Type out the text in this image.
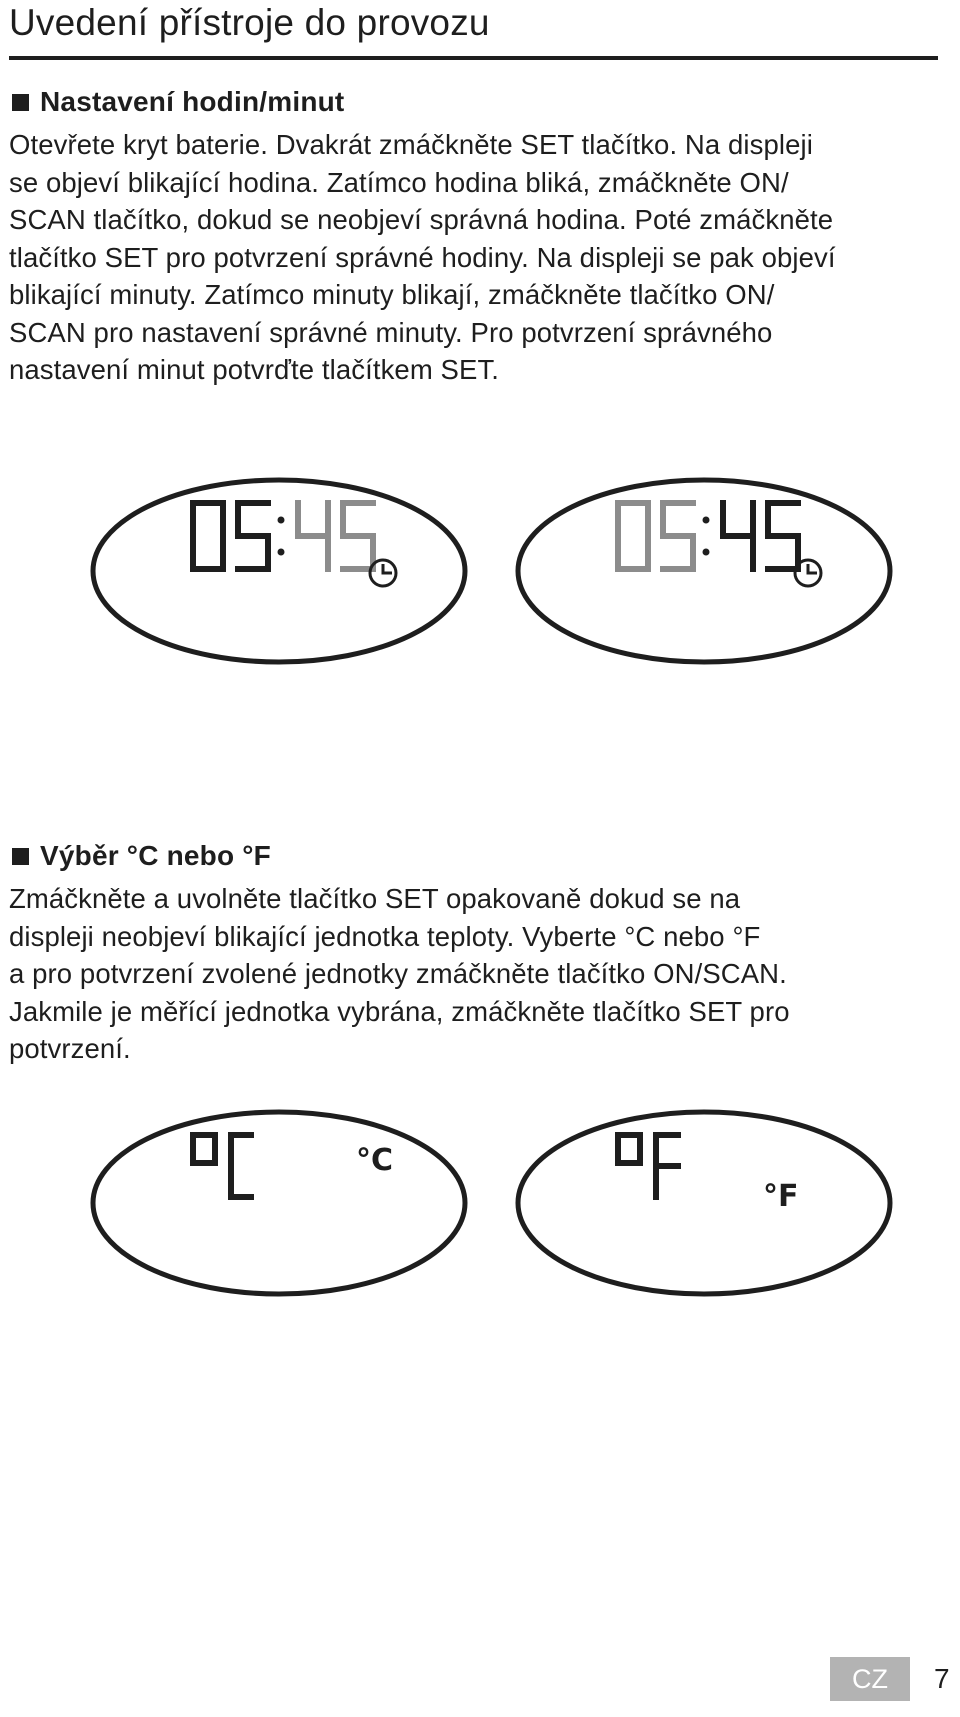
Uvedení přístroje do provozu
Nastavení hodin/minut
Otevřete kryt baterie. Dvakrát zmáčkněte SET tlačítko. Na displeji
se objeví blikající hodina. Zatímco hodina bliká, zmáčkněte ON/
SCAN tlačítko, dokud se neobjeví správná hodina. Poté zmáčkněte
tlačítko SET pro potvrzení správné hodiny. Na displeji se pak objeví
blikající minuty. Zatímco minuty blikají, zmáčkněte tlačítko ON/
SCAN pro nastavení správné minuty. Pro potvrzení správného
nastavení minut potvrďte tlačítkem SET.
Výběr °C nebo °F
Zmáčkněte a uvolněte tlačítko SET opakovaně dokud se na
displeji neobjeví blikající jednotka teploty. Vyberte °C nebo °F
a pro potvrzení zvolené jednotky zmáčkněte tlačítko ON/SCAN.
Jakmile je měřící jednotka vybrána, zmáčkněte tlačítko SET pro
potvrzení.
°C
°F
CZ	7
